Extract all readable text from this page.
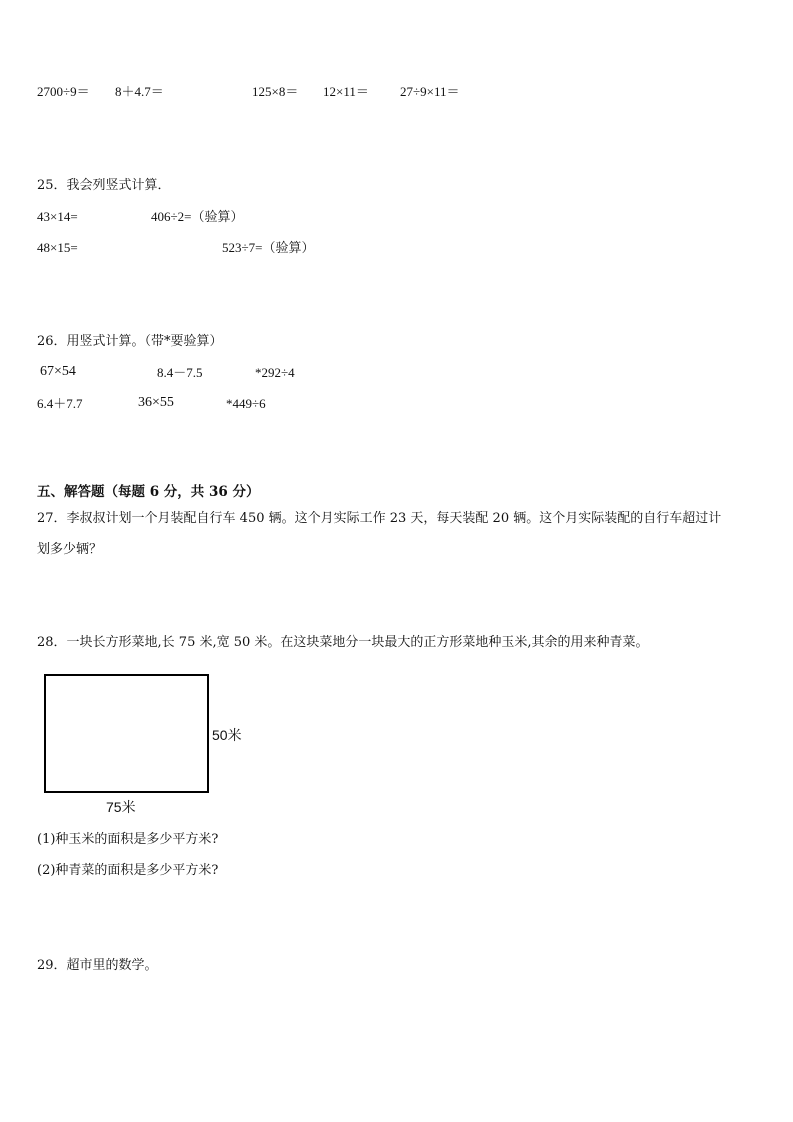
2700÷9＝ 8＋4.7＝	125×8＝ 12×11＝ 27÷9×11＝
25．我会列竖式计算．
43×14=	406÷2=（验算）
48×15=	523÷7=（验算）
26．用竖式计算。（带*要验算）
67×54	8.4－7.5	*292÷4
6.4＋7.7	36×55	*449÷6
五、解答题（每题 6 分，共 36 分）
27．李叔叔计划一个月装配自行车 450 辆。这个月实际工作 23 天，每天装配 20 辆。这个月实际装配的自行车超过计
划多少辆？
28．一块长方形菜地,长 75 米,宽 50 米。在这块菜地分一块最大的正方形菜地种玉米,其余的用来种青菜。
50米
75米
(1)种玉米的面积是多少平方米?
(2)种青菜的面积是多少平方米?
29．超市里的数学。
